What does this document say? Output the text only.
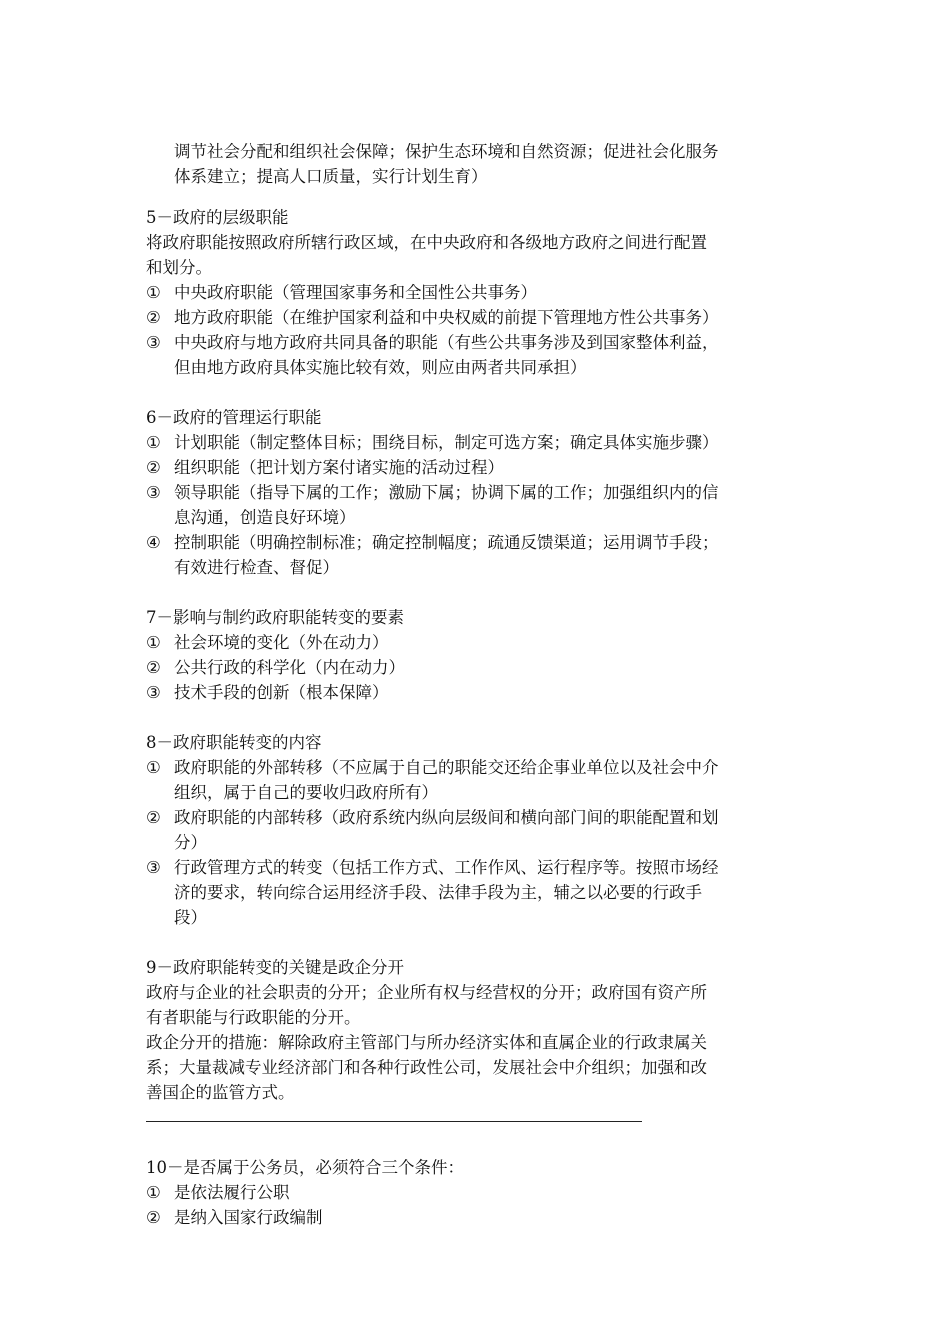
调节社会分配和组织社会保障；保护生态环境和自然资源；促进社会化服务
体系建立；提高人口质量，实行计划生育）

5－政府的层级职能

将政府职能按照政府所辖行政区域，在中央政府和各级地方政府之间进行配置
和划分。

① 中央政府职能（管理国家事务和全国性公共事务）
② 地方政府职能（在维护国家利益和中央权威的前提下管理地方性公共事务）
③ 中央政府与地方政府共同具备的职能（有些公共事务涉及到国家整体利益，
但由地方政府具体实施比较有效，则应由两者共同承担）

6－政府的管理运行职能

① 计划职能（制定整体目标；围绕目标，制定可选方案；确定具体实施步骤）
② 组织职能（把计划方案付诸实施的活动过程）
③ 领导职能（指导下属的工作；激励下属；协调下属的工作；加强组织内的信
息沟通，创造良好环境）
④ 控制职能（明确控制标准；确定控制幅度；疏通反馈渠道；运用调节手段；
有效进行检查、督促）

7－影响与制约政府职能转变的要素

① 社会环境的变化（外在动力）
② 公共行政的科学化（内在动力）
③ 技术手段的创新（根本保障）

8－政府职能转变的内容

① 政府职能的外部转移（不应属于自己的职能交还给企事业单位以及社会中介
组织，属于自己的要收归政府所有）
② 政府职能的内部转移（政府系统内纵向层级间和横向部门间的职能配置和划
分）
③ 行政管理方式的转变（包括工作方式、工作作风、运行程序等。按照市场经
济的要求，转向综合运用经济手段、法律手段为主，辅之以必要的行政手
段）

9－政府职能转变的关键是政企分开

政府与企业的社会职责的分开；企业所有权与经营权的分开；政府国有资产所
有者职能与行政职能的分开。

政企分开的措施：解除政府主管部门与所办经济实体和直属企业的行政隶属关
系；大量裁减专业经济部门和各种行政性公司，发展社会中介组织；加强和改
善国企的监管方式。

10－是否属于公务员，必须符合三个条件：

① 是依法履行公职
② 是纳入国家行政编制
